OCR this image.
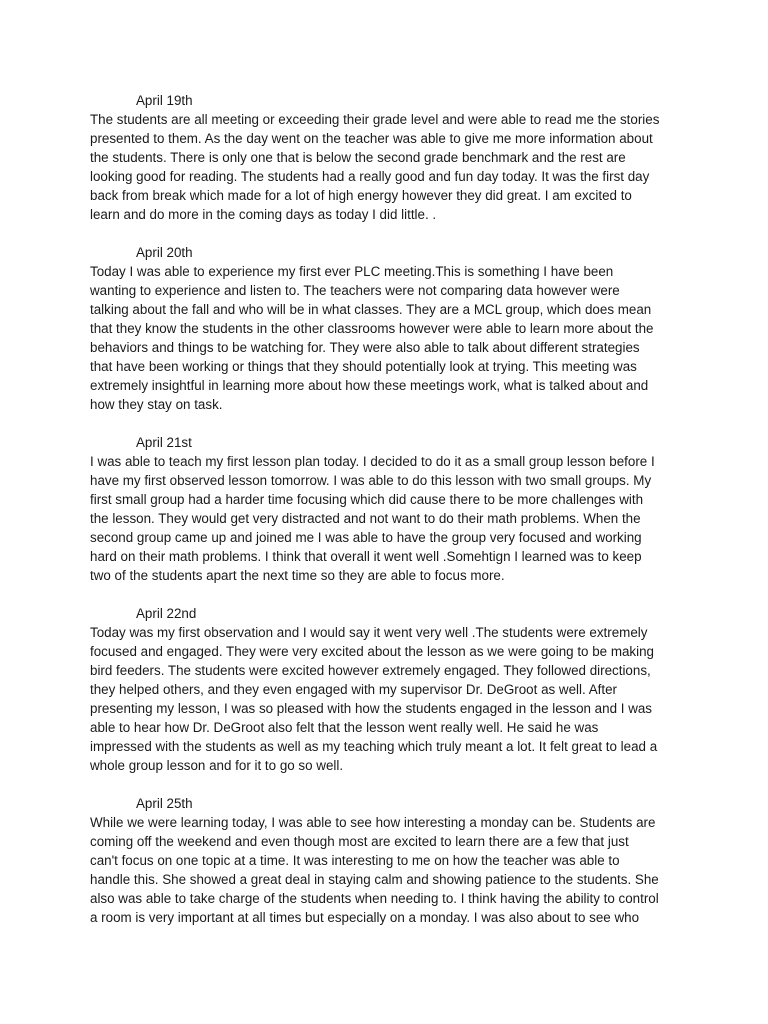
April 19th
The students are all meeting or exceeding their grade level and were able to read me the stories
presented to them. As the day went on the teacher was able to give me more information about
the students. There is only one that is below the second grade benchmark and the rest are
looking good for reading. The students had a really good and fun day today. It was the first day
back from break which made for a lot of high energy however they did great. I am excited to
learn and do more in the coming days as today I did little. .
April 20th
Today I was able to experience my first ever PLC meeting.This is something I have been
wanting to experience and listen to. The teachers were not comparing data however were
talking about the fall and who will be in what classes. They are a MCL group, which does mean
that they know the students in the other classrooms however were able to learn more about the
behaviors and things to be watching for. They were also able to talk about different strategies
that have been working or things that they should potentially look at trying. This meeting was
extremely insightful in learning more about how these meetings work, what is talked about and
how they stay on task.
April 21st
I was able to teach my first lesson plan today. I decided to do it as a small group lesson before I
have my first observed lesson tomorrow. I was able to do this lesson with two small groups. My
first small group had a harder time focusing which did cause there to be more challenges with
the lesson. They would get very distracted and not want to do their math problems. When the
second group came up and joined me I was able to have the group very focused and working
hard on their math problems. I think that overall it went well .Somehtign I learned was to keep
two of the students apart the next time so they are able to focus more.
April 22nd
Today was my first observation and I would say it went very well .The students were extremely
focused and engaged. They were very excited about the lesson as we were going to be making
bird feeders. The students were excited however extremely engaged. They followed directions,
they helped others, and they even engaged with my supervisor Dr. DeGroot as well. After
presenting my lesson, I was so pleased with how the students engaged in the lesson and I was
able to hear how Dr. DeGroot also felt that the lesson went really well. He said he was
impressed with the students as well as my teaching which truly meant a lot. It felt great to lead a
whole group lesson and for it to go so well.
April 25th
While we were learning today, I was able to see how interesting a monday can be. Students are
coming off the weekend and even though most are excited to learn there are a few that just
can't focus on one topic at a time. It was interesting to me on how the teacher was able to
handle this. She showed a great deal in staying calm and showing patience to the students. She
also was able to take charge of the students when needing to. I think having the ability to control
a room is very important at all times but especially on a monday. I was also about to see who
